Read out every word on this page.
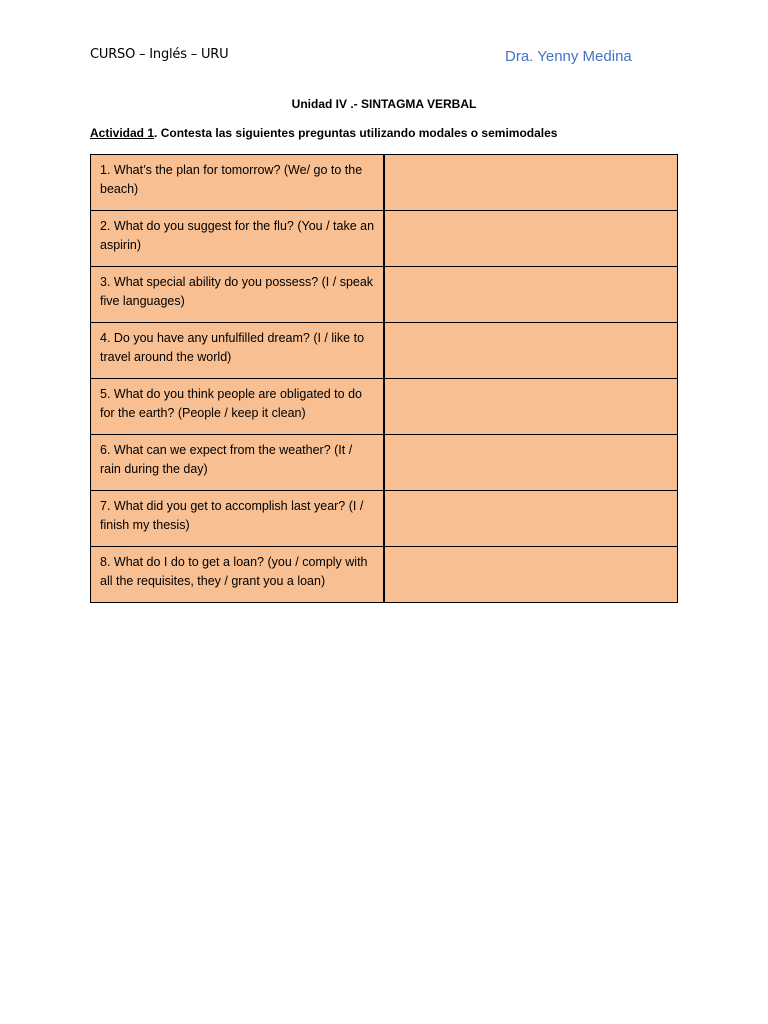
CURSO – Inglés – URU	Dra. Yenny Medina
Unidad IV .- SINTAGMA VERBAL
Actividad 1. Contesta las siguientes preguntas utilizando modales o semimodales
1. What’s the plan for tomorrow? (We/ go to the beach)	
2. What do you suggest for the flu? (You / take an aspirin)	
3. What special ability do you possess? (I / speak five languages)	
4. Do you have any unfulfilled dream? (I / like to travel around the world)	
5. What do you think people are obligated to do for the earth? (People / keep it clean)	
6. What can we expect from the weather? (It / rain during the day)	
7. What did you get to accomplish last year? (I / finish my thesis)	
8. What do I do to get a loan? (you / comply with all the requisites, they / grant you a loan)	
